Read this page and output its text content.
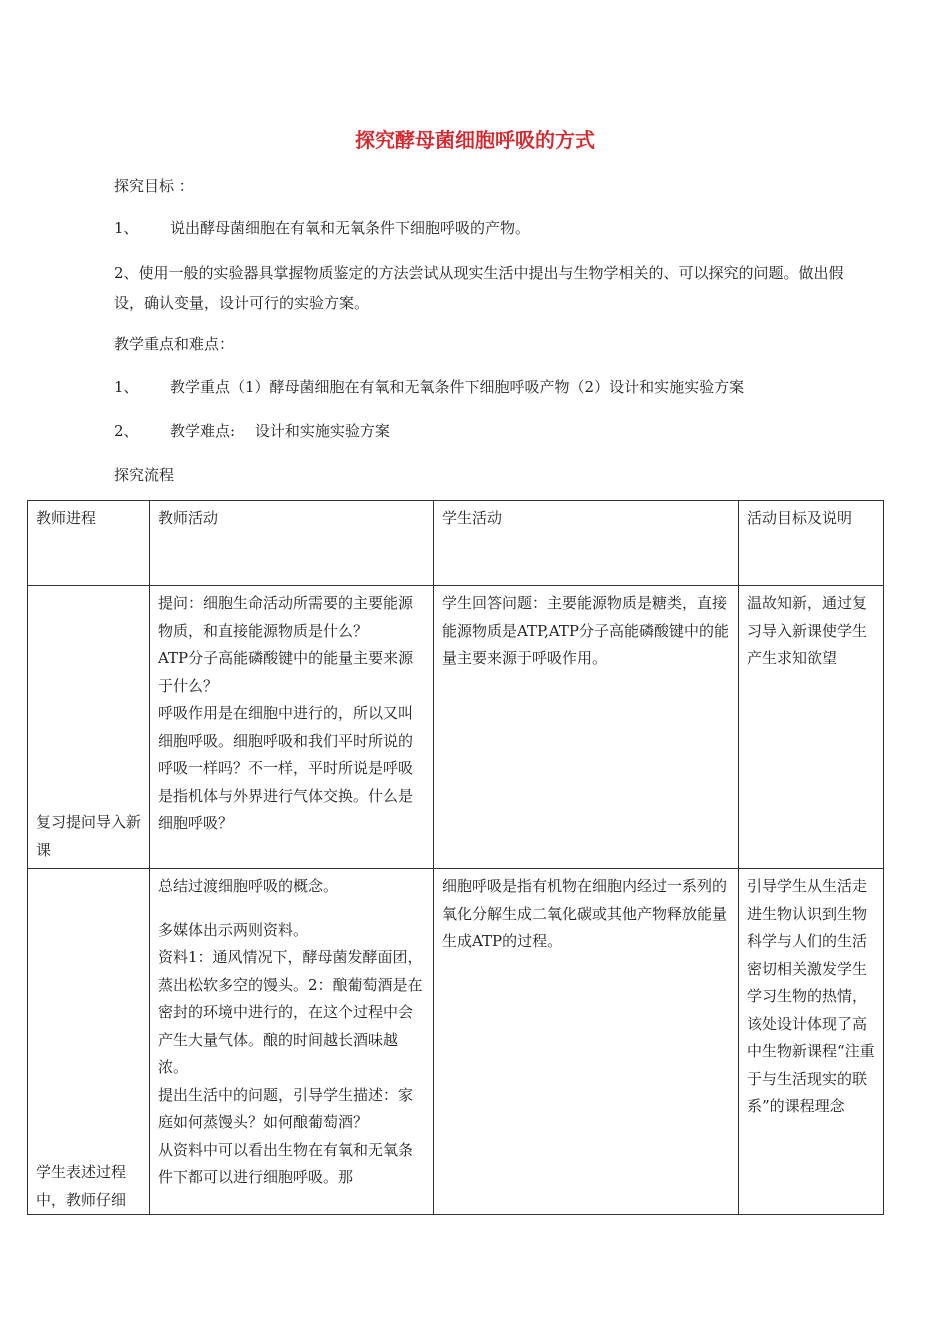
探究酵母菌细胞呼吸的方式
探究目标 ：
1、 说出酵母菌细胞在有氧和无氧条件下细胞呼吸的产物。
2、使用一般的实验器具掌握物质鉴定的方法尝试从现实生活中提出与生物学相关的、可以探究的问题。做出假设，确认变量，设计可行的实验方案。
教学重点和难点：
1、 教学重点（1）酵母菌细胞在有氧和无氧条件下细胞呼吸产物（2）设计和实施实验方案
2、 教学难点:　 设计和实施实验方案
探究流程
教师进程	教师活动	学生活动	活动目标及说明
复习提问导入新课	提问：细胞生命活动所需要的主要能源物质，和直接能源物质是什么？
ATP分子高能磷酸键中的能量主要来源于什么？
呼吸作用是在细胞中进行的，所以又叫细胞呼吸。细胞呼吸和我们平时所说的呼吸一样吗？不一样，平时所说是呼吸是指机体与外界进行气体交换。什么是细胞呼吸？	学生回答问题：主要能源物质是糖类，直接能源物质是ATP,ATP分子高能磷酸键中的能量主要来源于呼吸作用。	温故知新，通过复习导入新课使学生产生求知欲望
学生表述过程中，教师仔细	总结过渡细胞呼吸的概念。
多媒体出示两则资料。
资料1：通风情况下，酵母菌发酵面团，蒸出松软多空的馒头。2：酿葡萄酒是在密封的环境中进行的，在这个过程中会产生大量气体。酿的时间越长酒味越浓。
提出生活中的问题，引导学生描述：家庭如何蒸馒头？如何酿葡萄酒？
从资料中可以看出生物在有氧和无氧条件下都可以进行细胞呼吸。那	细胞呼吸是指有机物在细胞内经过一系列的氧化分解生成二氧化碳或其他产物释放能量生成ATP的过程。	引导学生从生活走进生物认识到生物科学与人们的生活密切相关激发学生学习生物的热情，该处设计体现了高中生物新课程“注重于与生活现实的联系”的课程理念
